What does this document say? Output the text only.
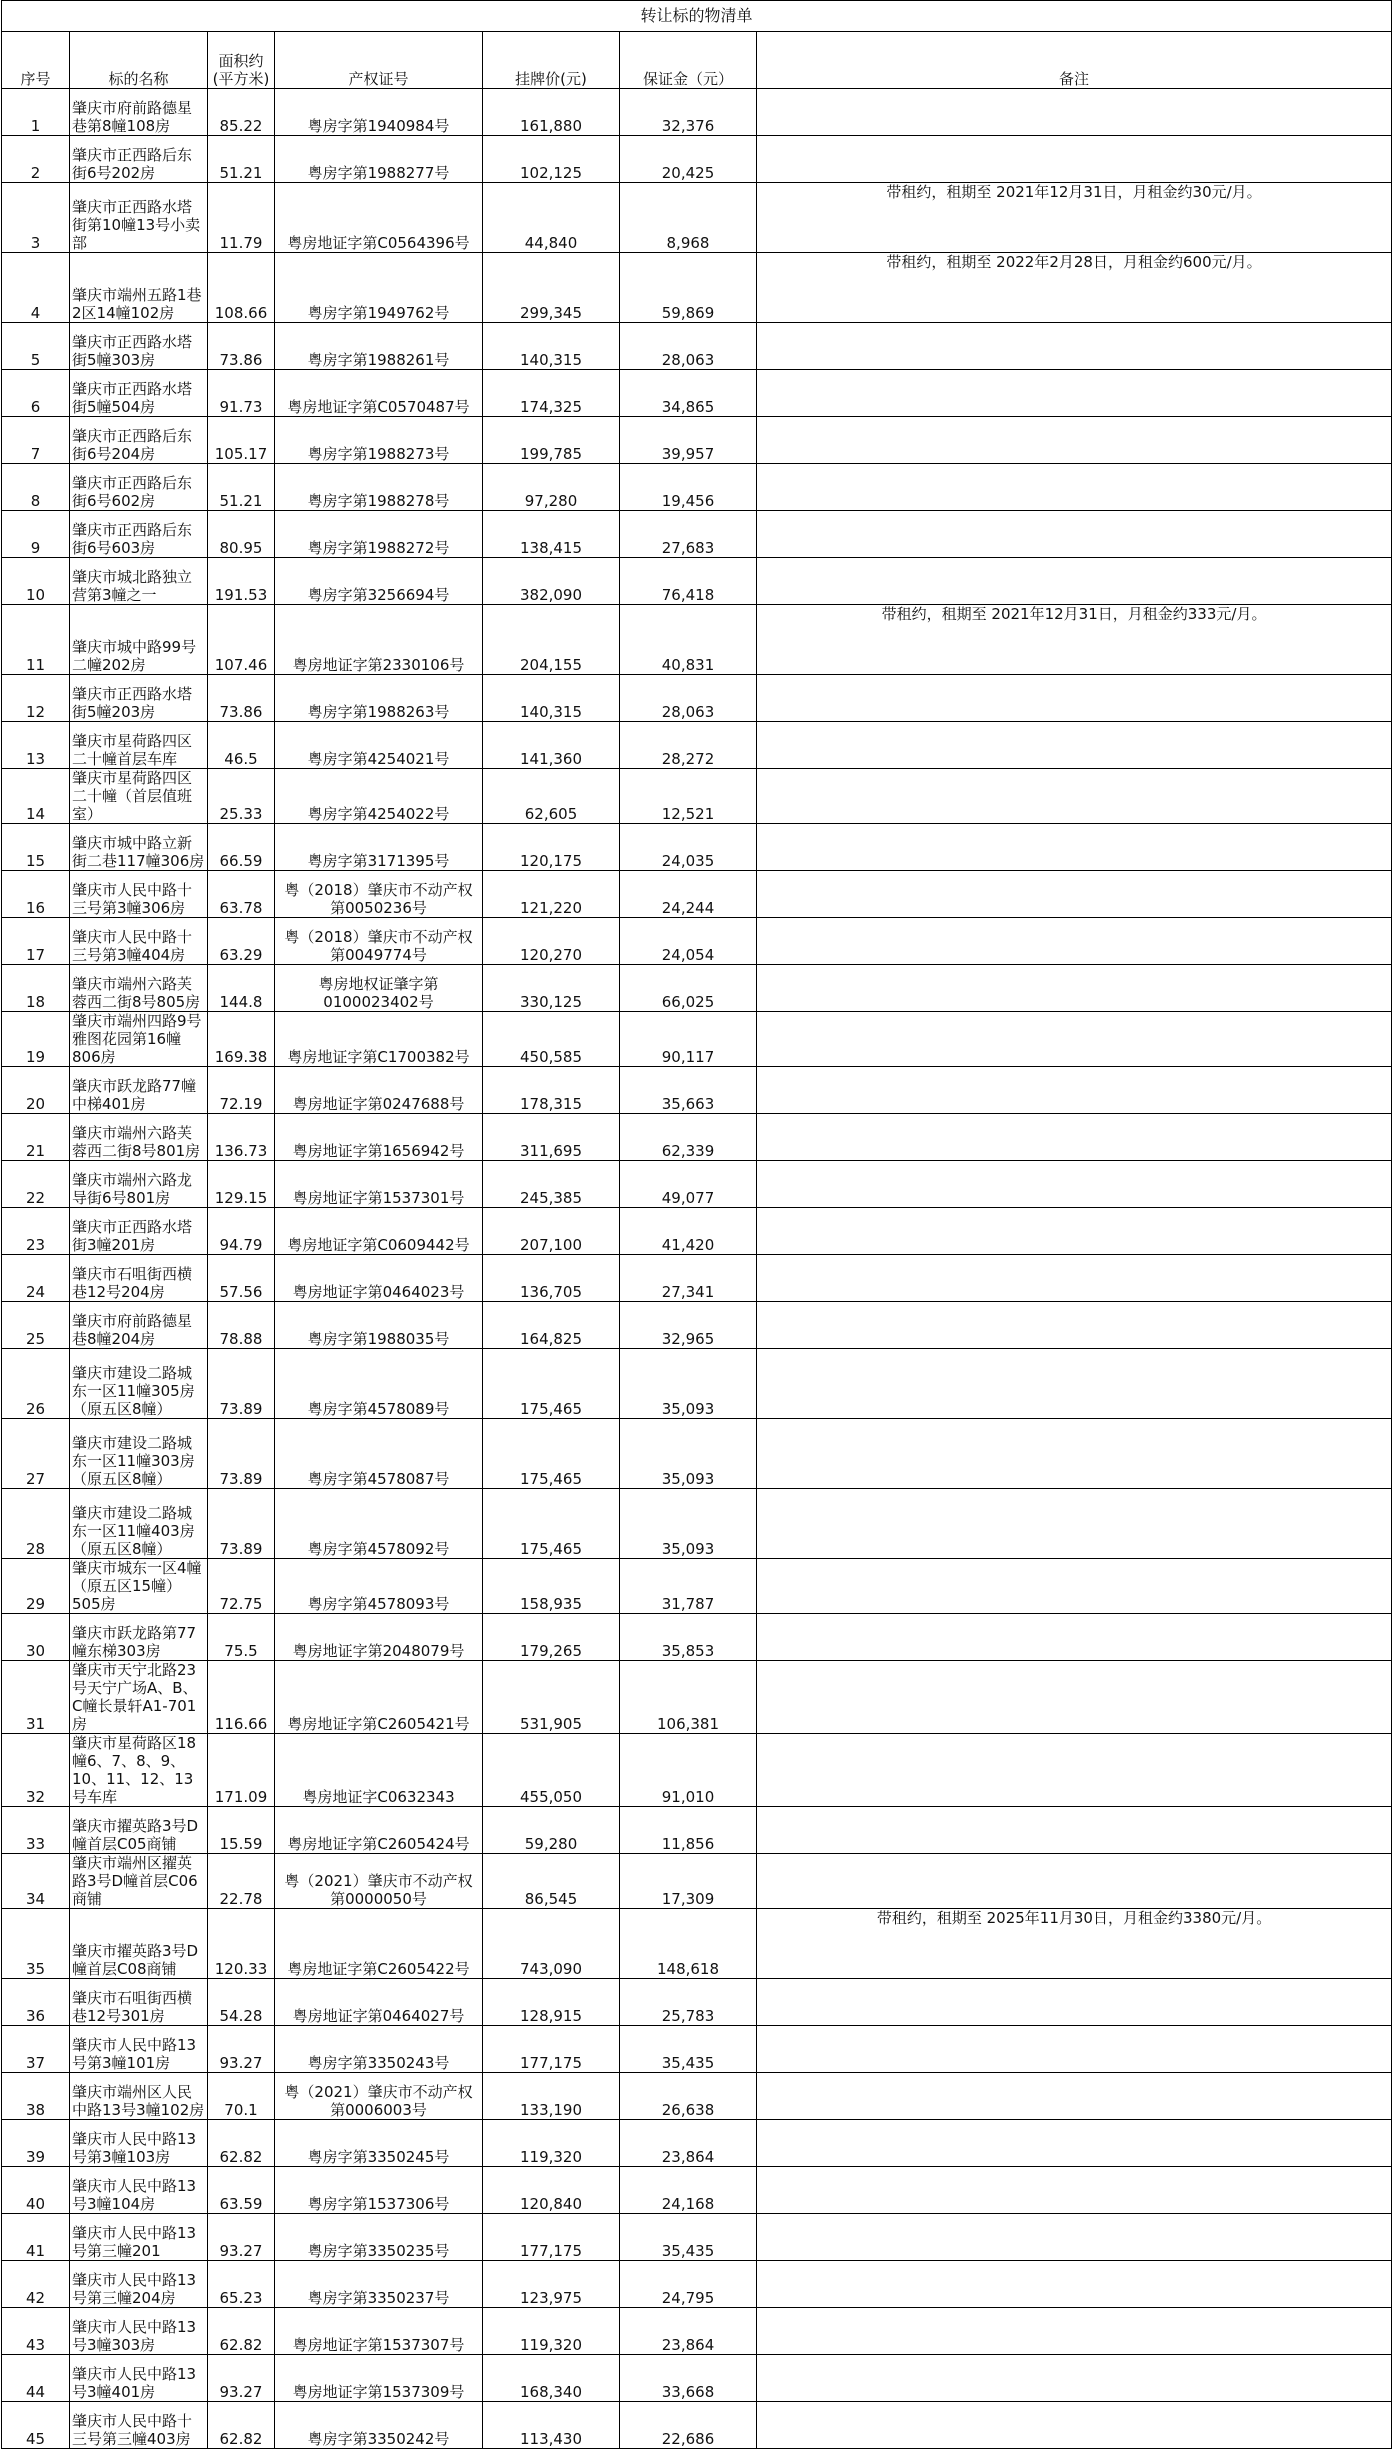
转让标的物清单						
序号	标的名称	面积约(平方米)	产权证号	挂牌价(元)	保证金（元）	备注
1	肇庆市府前路德星巷第8幢108房	85.22	粤房字第1940984号	161,880	32,376	
2	肇庆市正西路后东街6号202房	51.21	粤房字第1988277号	102,125	20,425	
3	肇庆市正西路水塔街第10幢13号小卖部	11.79	粤房地证字第C0564396号	44,840	8,968	带租约，租期至 2021年12月31日，月租金约30元/月。
4	肇庆市端州五路1巷2区14幢102房	108.66	粤房字第1949762号	299,345	59,869	带租约，租期至 2022年2月28日，月租金约600元/月。
5	肇庆市正西路水塔街5幢303房	73.86	粤房字第1988261号	140,315	28,063	
6	肇庆市正西路水塔街5幢504房	91.73	粤房地证字第C0570487号	174,325	34,865	
7	肇庆市正西路后东街6号204房	105.17	粤房字第1988273号	199,785	39,957	
8	肇庆市正西路后东街6号602房	51.21	粤房字第1988278号	97,280	19,456	
9	肇庆市正西路后东街6号603房	80.95	粤房字第1988272号	138,415	27,683	
10	肇庆市城北路独立营第3幢之一	191.53	粤房字第3256694号	382,090	76,418	
11	肇庆市城中路99号二幢202房	107.46	粤房地证字第2330106号	204,155	40,831	带租约，租期至 2021年12月31日，月租金约333元/月。
12	肇庆市正西路水塔街5幢203房	73.86	粤房字第1988263号	140,315	28,063	
13	肇庆市星荷路四区二十幢首层车库	46.5	粤房字第4254021号	141,360	28,272	
14	肇庆市星荷路四区二十幢（首层值班室）	25.33	粤房字第4254022号	62,605	12,521	
15	肇庆市城中路立新街二巷117幢306房	66.59	粤房字第3171395号	120,175	24,035	
16	肇庆市人民中路十三号第3幢306房	63.78	粤（2018）肇庆市不动产权第0050236号	121,220	24,244	
17	肇庆市人民中路十三号第3幢404房	63.29	粤（2018）肇庆市不动产权第0049774号	120,270	24,054	
18	肇庆市端州六路芙蓉西二街8号805房	144.8	粤房地权证肇字第0100023402号	330,125	66,025	
19	肇庆市端州四路9号雅图花园第16幢806房	169.38	粤房地证字第C1700382号	450,585	90,117	
20	肇庆市跃龙路77幢中梯401房	72.19	粤房地证字第0247688号	178,315	35,663	
21	肇庆市端州六路芙蓉西二街8号801房	136.73	粤房地证字第1656942号	311,695	62,339	
22	肇庆市端州六路龙导街6号801房	129.15	粤房地证字第1537301号	245,385	49,077	
23	肇庆市正西路水塔街3幢201房	94.79	粤房地证字第C0609442号	207,100	41,420	
24	肇庆市石咀街西横巷12号204房	57.56	粤房地证字第0464023号	136,705	27,341	
25	肇庆市府前路德星巷8幢204房	78.88	粤房字第1988035号	164,825	32,965	
26	肇庆市建设二路城东一区11幢305房（原五区8幢）	73.89	粤房字第4578089号	175,465	35,093	
27	肇庆市建设二路城东一区11幢303房（原五区8幢）	73.89	粤房字第4578087号	175,465	35,093	
28	肇庆市建设二路城东一区11幢403房（原五区8幢）	73.89	粤房字第4578092号	175,465	35,093	
29	肇庆市城东一区4幢（原五区15幢）505房	72.75	粤房字第4578093号	158,935	31,787	
30	肇庆市跃龙路第77幢东梯303房	75.5	粤房地证字第2048079号	179,265	35,853	
31	肇庆市天宁北路23号天宁广场A、B、C幢长景轩A1-701房	116.66	粤房地证字第C2605421号	531,905	106,381	
32	肇庆市星荷路区18幢6、7、8、9、10、11、12、13号车库	171.09	粤房地证字C0632343	455,050	91,010	
33	肇庆市擢英路3号D幢首层C05商铺	15.59	粤房地证字第C2605424号	59,280	11,856	
34	肇庆市端州区擢英路3号D幢首层C06商铺	22.78	粤（2021）肇庆市不动产权第0000050号	86,545	17,309	
35	肇庆市擢英路3号D幢首层C08商铺	120.33	粤房地证字第C2605422号	743,090	148,618	带租约，租期至 2025年11月30日，月租金约3380元/月。
36	肇庆市石咀街西横巷12号301房	54.28	粤房地证字第0464027号	128,915	25,783	
37	肇庆市人民中路13号第3幢101房	93.27	粤房字第3350243号	177,175	35,435	
38	肇庆市端州区人民中路13号3幢102房	70.1	粤（2021）肇庆市不动产权第0006003号	133,190	26,638	
39	肇庆市人民中路13号第3幢103房	62.82	粤房字第3350245号	119,320	23,864	
40	肇庆市人民中路13号3幢104房	63.59	粤房字第1537306号	120,840	24,168	
41	肇庆市人民中路13号第三幢201	93.27	粤房字第3350235号	177,175	35,435	
42	肇庆市人民中路13号第三幢204房	65.23	粤房字第3350237号	123,975	24,795	
43	肇庆市人民中路13号3幢303房	62.82	粤房地证字第1537307号	119,320	23,864	
44	肇庆市人民中路13号3幢401房	93.27	粤房地证字第1537309号	168,340	33,668	
45	肇庆市人民中路十三号第三幢403房	62.82	粤房字第3350242号	113,430	22,686	
